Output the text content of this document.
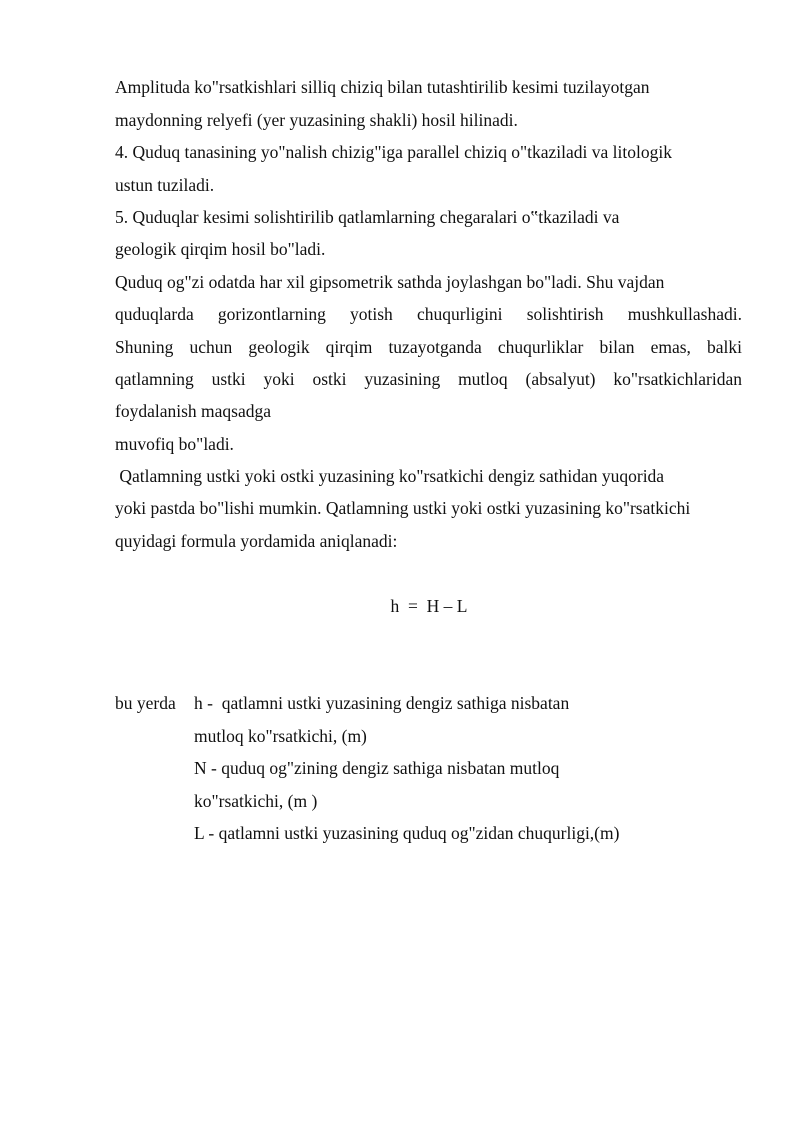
Amplituda ko"rsatkishlari silliq chiziq bilan tutashtirilib kesimi tuzilayotgan
maydonning relyefi (yer yuzasining shakli) hosil hilinadi.
4. Quduq tanasining yo"nalish chizig"iga parallel chiziq o"tkaziladi va litologik
ustun tuziladi.
5. Quduqlar kesimi solishtirilib qatlamlarning chegaralari o‟tkaziladi va
geologik qirqim hosil bo"ladi.
Quduq og"zi odatda har xil gipsometrik sathda joylashgan bo"ladi. Shu vajdan
quduqlarda gorizontlarning yotish chuqurligini solishtirish mushkullashadi.
Shuning uchun geologik qirqim tuzayotganda chuqurliklar bilan emas, balki
qatlamning ustki yoki ostki yuzasining mutloq (absalyut) ko"rsatkichlaridan
foydalanish maqsadga
muvofiq bo"ladi.
Qatlamning ustki yoki ostki yuzasining ko"rsatkichi dengiz sathidan yuqorida
yoki pastda bo"lishi mumkin. Qatlamning ustki yoki ostki yuzasining ko"rsatkichi
quyidagi formula yordamida aniqlanadi:
h  =  H – L
bu yerda h -  qatlamni ustki yuzasining dengiz sathiga nisbatan
mutloq ko"rsatkichi, (m)
N - quduq og"zining dengiz sathiga nisbatan mutloq
ko"rsatkichi, (m )
L - qatlamni ustki yuzasining quduq og"zidan chuqurligi,(m)
